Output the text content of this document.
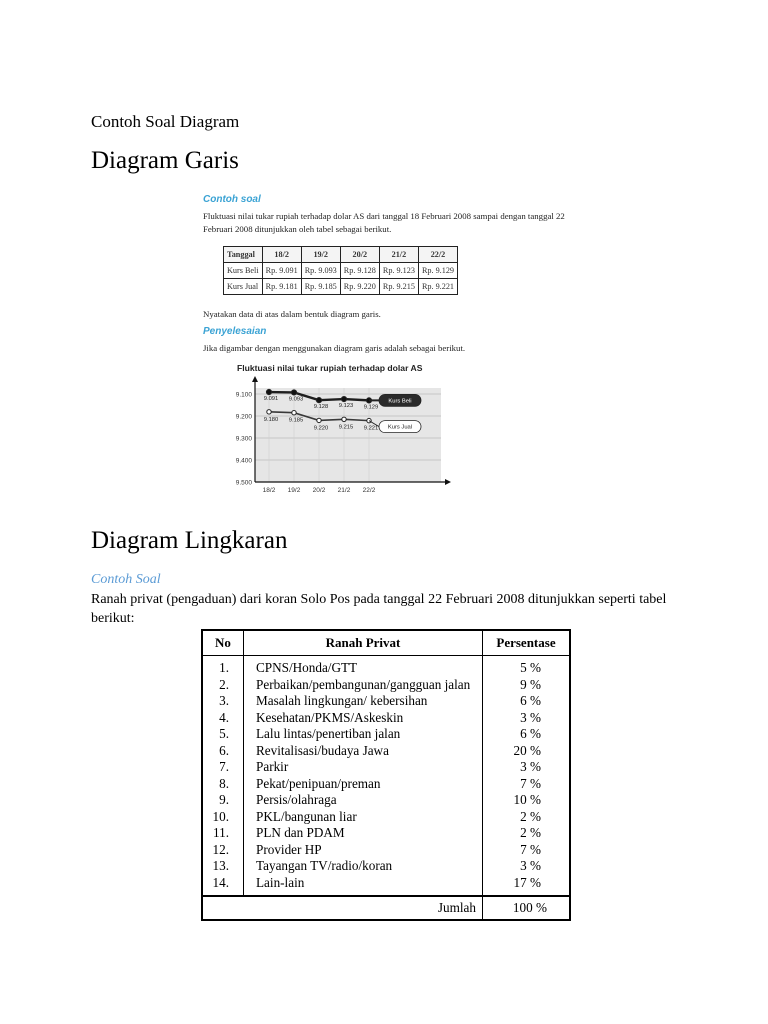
Contoh Soal Diagram
Diagram Garis
Contoh soal
Fluktuasi nilai tukar rupiah terhadap dolar AS dari tanggal 18 Februari 2008 sampai dengan tanggal 22 Februari 2008 ditunjukkan oleh tabel sebagai berikut.
Tanggal	18/2	19/2	20/2	21/2	22/2
Kurs Beli	Rp. 9.091	Rp. 9.093	Rp. 9.128	Rp. 9.123	Rp. 9.129
Kurs Jual	Rp. 9.181	Rp. 9.185	Rp. 9.220	Rp. 9.215	Rp. 9.221
Nyatakan data di atas dalam bentuk diagram garis.
Penyelesaian
Jika digambar dengan menggunakan diagram garis adalah sebagai berikut.
Fluktuasi nilai tukar rupiah terhadap dolar AS
9.100
9.200
9.300
9.400
9.500
18/2 19/2 20/2 21/2 22/2
9.091 9.093
9.128 9.123 9.129
Kurs Beli
9.180 9.185
9.220 9.215 9.221 Kurs Jual
Diagram Lingkaran
Contoh Soal
Ranah privat (pengaduan) dari koran Solo Pos pada tanggal 22 Februari 2008 ditunjukkan seperti tabel berikut:
No	Ranah Privat	Persentase
1.	CPNS/Honda/GTT	5 %
2.	Perbaikan/pembangunan/gangguan jalan	9 %
3.	Masalah lingkungan/ kebersihan	6 %
4.	Kesehatan/PKMS/Askeskin	3 %
5.	Lalu lintas/penertiban jalan	6 %
6.	Revitalisasi/budaya Jawa	20 %
7.	Parkir	3 %
8.	Pekat/penipuan/preman	7 %
9.	Persis/olahraga	10 %
10.	PKL/bangunan liar	2 %
11.	PLN dan PDAM	2 %
12.	Provider HP	7 %
13.	Tayangan TV/radio/koran	3 %
14.	Lain-lain	17 %
Jumlah		100 %
